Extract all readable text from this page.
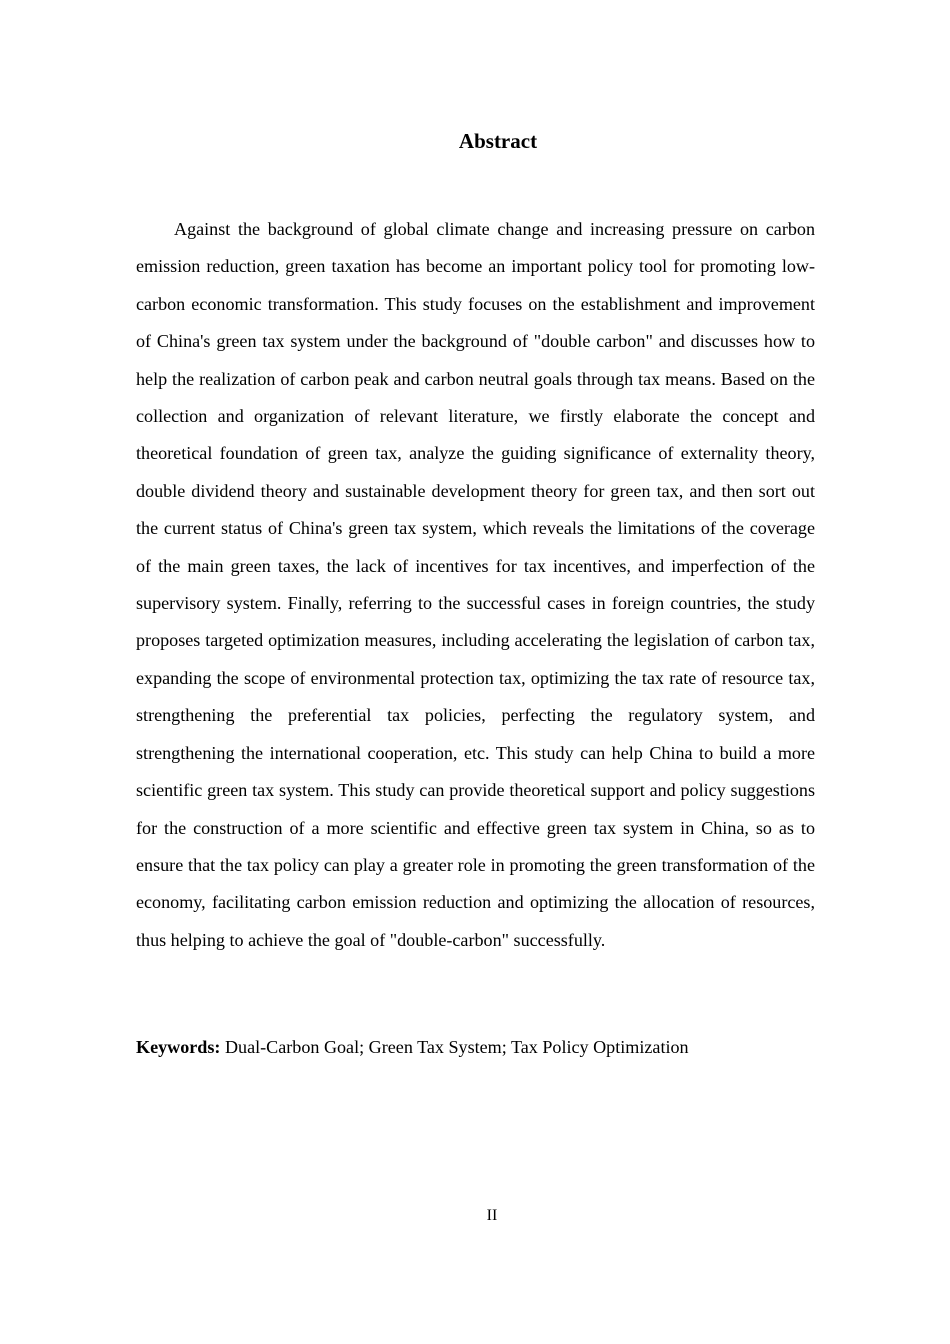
Abstract

Against the background of global climate change and increasing pressure on carbon emission reduction, green taxation has become an important policy tool for promoting low-carbon economic transformation. This study focuses on the establishment and improvement of China's green tax system under the background of "double carbon" and discusses how to help the realization of carbon peak and carbon neutral goals through tax means. Based on the collection and organization of relevant literature, we firstly elaborate the concept and theoretical foundation of green tax, analyze the guiding significance of externality theory, double dividend theory and sustainable development theory for green tax, and then sort out the current status of China's green tax system, which reveals the limitations of the coverage of the main green taxes, the lack of incentives for tax incentives, and imperfection of the supervisory system. Finally, referring to the successful cases in foreign countries, the study proposes targeted optimization measures, including accelerating the legislation of carbon tax, expanding the scope of environmental protection tax, optimizing the tax rate of resource tax, strengthening the preferential tax policies, perfecting the regulatory system, and strengthening the international cooperation, etc. This study can help China to build a more scientific green tax system. This study can provide theoretical support and policy suggestions for the construction of a more scientific and effective green tax system in China, so as to ensure that the tax policy can play a greater role in promoting the green transformation of the economy, facilitating carbon emission reduction and optimizing the allocation of resources, thus helping to achieve the goal of "double-carbon" successfully.

Keywords: Dual-Carbon Goal; Green Tax System; Tax Policy Optimization

II
